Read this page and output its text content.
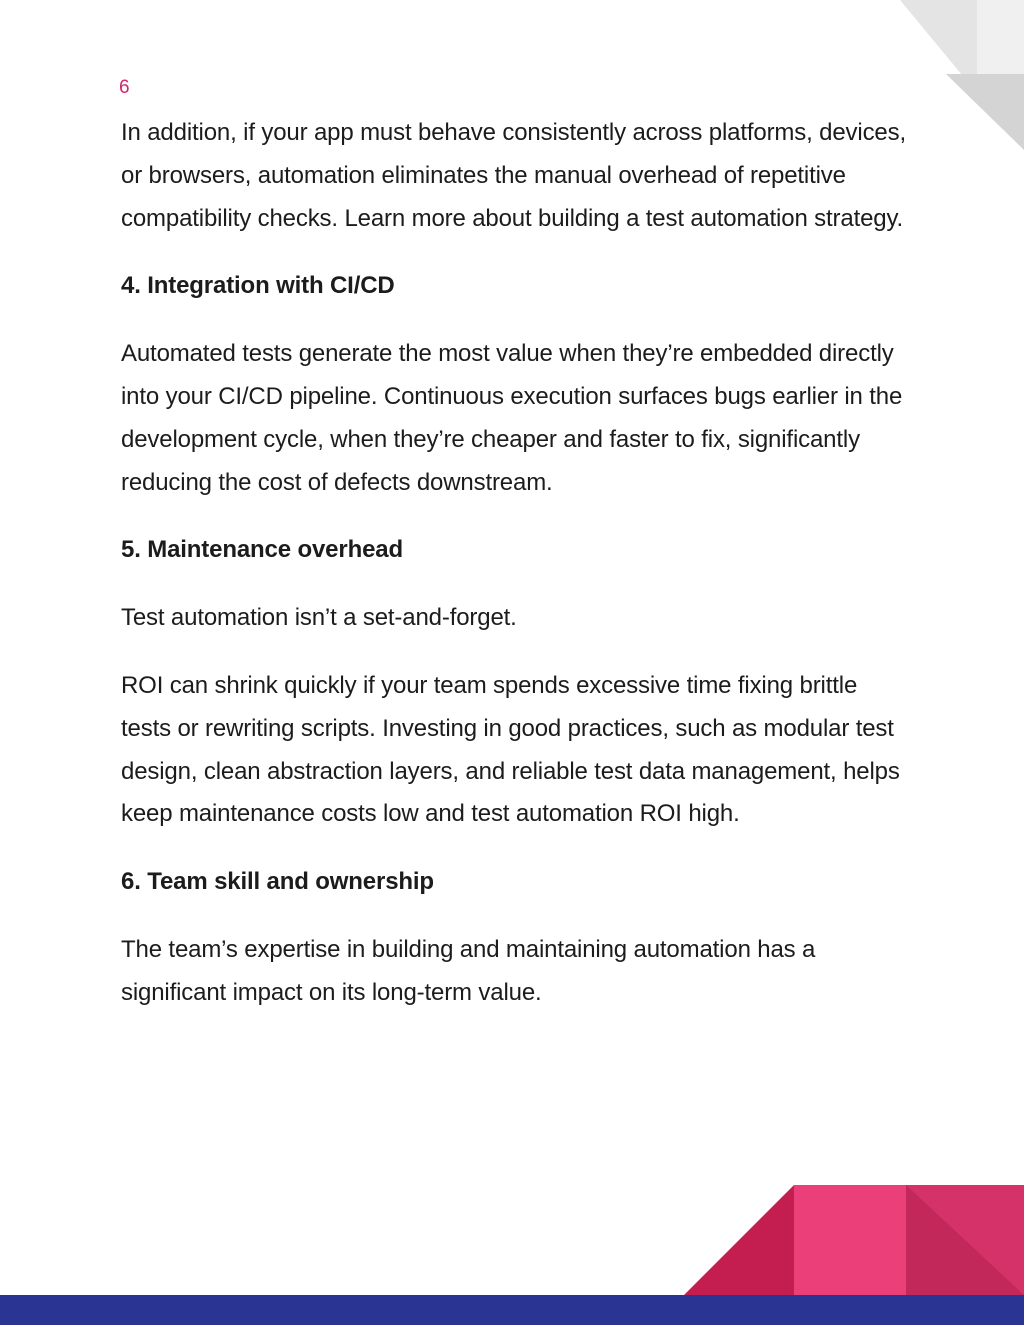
6

In addition, if your app must behave consistently across platforms, devices, or browsers, automation eliminates the manual overhead of repetitive compatibility checks. Learn more about building a test automation strategy.

4. Integration with CI/CD

Automated tests generate the most value when they’re embedded directly into your CI/CD pipeline. Continuous execution surfaces bugs earlier in the development cycle, when they’re cheaper and faster to fix, significantly reducing the cost of defects downstream.

5. Maintenance overhead

Test automation isn’t a set-and-forget.

ROI can shrink quickly if your team spends excessive time fixing brittle tests or rewriting scripts. Investing in good practices, such as modular test design, clean abstraction layers, and reliable test data management, helps keep maintenance costs low and test automation ROI high.

6. Team skill and ownership

The team’s expertise in building and maintaining automation has a significant impact on its long-term value.
